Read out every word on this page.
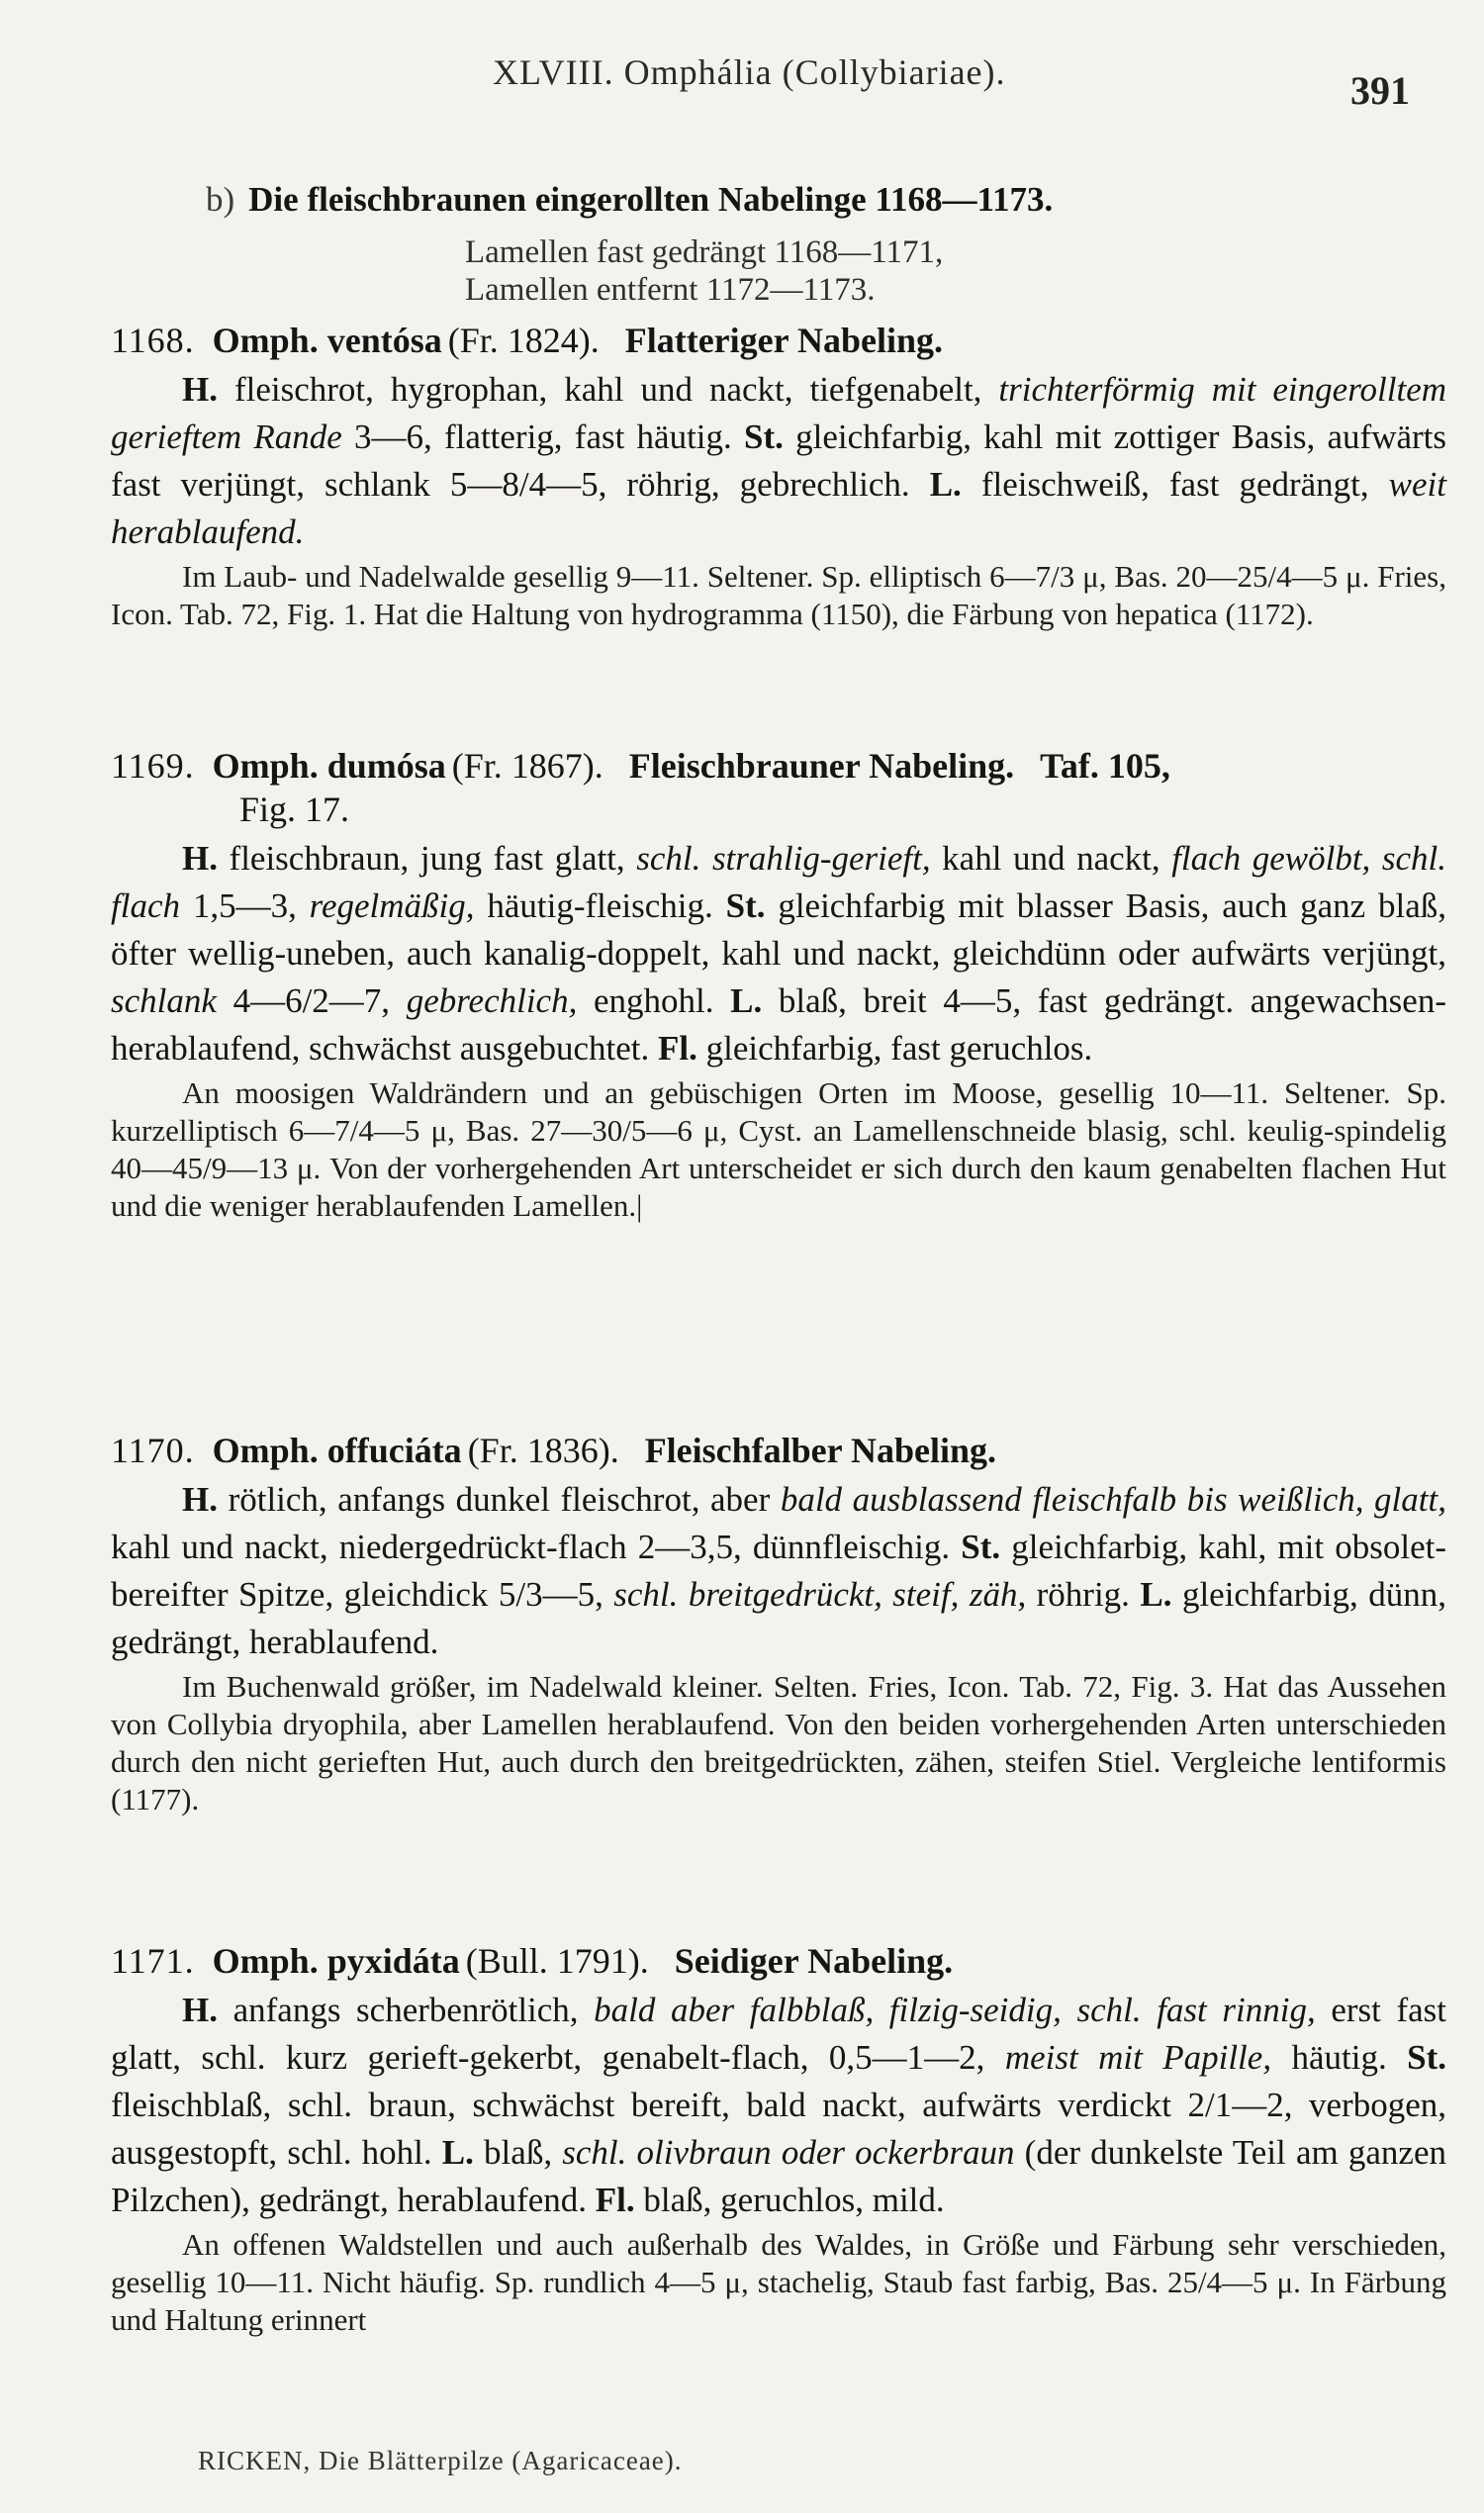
XLVIII. Omphália (Collybiariae).	391
b) Die fleischbraunen eingerollten Nabelinge 1168—1173.
Lamellen fast gedrängt 1168—1171,
Lamellen entfernt 1172—1173.
1168. Omph. ventósa (Fr. 1824). Flatteriger Nabeling.

H. fleischrot, hygrophan, kahl und nackt, tiefgenabelt, trichterförmig mit eingerolltem gerieftem Rande 3—6, flatterig, fast häutig. St. gleichfarbig, kahl mit zottiger Basis, aufwärts fast verjüngt, schlank 5—8/4—5, röhrig, gebrechlich. L. fleischweiß, fast gedrängt, weit herablaufend.

Im Laub- und Nadelwalde gesellig 9—11. Seltener. Sp. elliptisch 6—7/3 μ, Bas. 20—25/4—5 μ. Fries, Icon. Tab. 72, Fig. 1. Hat die Haltung von hydrogramma (1150), die Färbung von hepatica (1172).

1169. Omph. dumósa (Fr. 1867). Fleischbrauner Nabeling. Taf. 105,
Fig. 17.

H. fleischbraun, jung fast glatt, schl. strahlig-gerieft, kahl und nackt, flach gewölbt, schl. flach 1,5—3, regelmäßig, häutig-fleischig. St. gleichfarbig mit blasser Basis, auch ganz blaß, öfter wellig-uneben, auch kanalig-doppelt, kahl und nackt, gleichdünn oder aufwärts verjüngt, schlank 4—6/2—7, gebrechlich, enghohl. L. blaß, breit 4—5, fast gedrängt. angewachsen-herablaufend, schwächst ausgebuchtet. Fl. gleichfarbig, fast geruchlos.

An moosigen Waldrändern und an gebüschigen Orten im Moose, gesellig 10—11. Seltener. Sp. kurzelliptisch 6—7/4—5 μ, Bas. 27—30/5—6 μ, Cyst. an Lamellenschneide blasig, schl. keulig-spindelig 40—45/9—13 μ. Von der vorhergehenden Art unterscheidet er sich durch den kaum genabelten flachen Hut und die weniger herablaufenden Lamellen.|

1170. Omph. offuciáta (Fr. 1836). Fleischfalber Nabeling.

H. rötlich, anfangs dunkel fleischrot, aber bald ausblassend fleischfalb bis weißlich, glatt, kahl und nackt, niedergedrückt-flach 2—3,5, dünnfleischig. St. gleichfarbig, kahl, mit obsolet-bereifter Spitze, gleichdick 5/3—5, schl. breitgedrückt, steif, zäh, röhrig. L. gleichfarbig, dünn, gedrängt, herablaufend.

Im Buchenwald größer, im Nadelwald kleiner. Selten. Fries, Icon. Tab. 72, Fig. 3. Hat das Aussehen von Collybia dryophila, aber Lamellen herablaufend. Von den beiden vorhergehenden Arten unterschieden durch den nicht gerieften Hut, auch durch den breitgedrückten, zähen, steifen Stiel. Vergleiche lentiformis (1177).

1171. Omph. pyxidáta (Bull. 1791). Seidiger Nabeling.

H. anfangs scherbenrötlich, bald aber falbblaß, filzig-seidig, schl. fast rinnig, erst fast glatt, schl. kurz gerieft-gekerbt, genabelt-flach, 0,5—1—2, meist mit Papille, häutig. St. fleischblaß, schl. braun, schwächst bereift, bald nackt, aufwärts verdickt 2/1—2, verbogen, ausgestopft, schl. hohl. L. blaß, schl. olivbraun oder ockerbraun (der dunkelste Teil am ganzen Pilzchen), gedrängt, herablaufend. Fl. blaß, geruchlos, mild.

An offenen Waldstellen und auch außerhalb des Waldes, in Größe und Färbung sehr verschieden, gesellig 10—11. Nicht häufig. Sp. rundlich 4—5 μ, stachelig, Staub fast farbig, Bas. 25/4—5 μ. In Färbung und Haltung erinnert

RICKEN, Die Blätterpilze (Agaricaceae).
